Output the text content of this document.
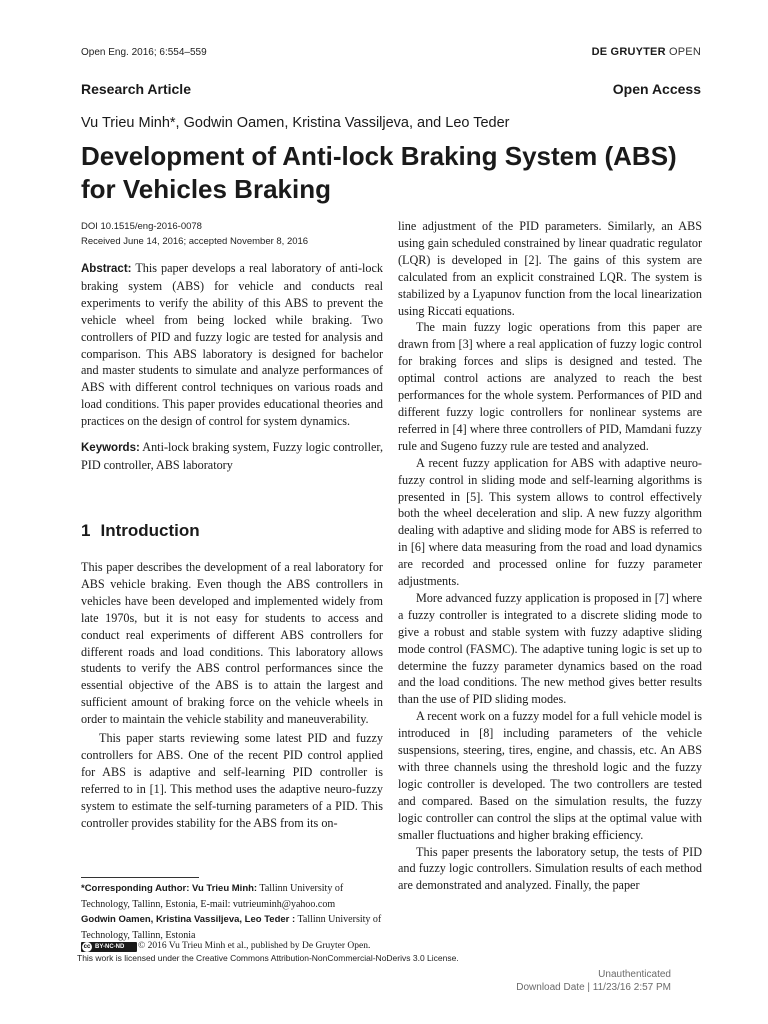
Open Eng. 2016; 6:554–559	DE GRUYTER OPEN
Research Article	Open Access
Vu Trieu Minh*, Godwin Oamen, Kristina Vassiljeva, and Leo Teder
Development of Anti-lock Braking System (ABS) for Vehicles Braking
DOI 10.1515/eng-2016-0078
Received June 14, 2016; accepted November 8, 2016

Abstract: This paper develops a real laboratory of anti-lock braking system (ABS) for vehicle and conducts real experiments to verify the ability of this ABS to prevent the vehicle wheel from being locked while braking. Two controllers of PID and fuzzy logic are tested for analysis and comparison. This ABS laboratory is designed for bachelor and master students to simulate and analyze performances of ABS with different control techniques on various roads and load conditions. This paper provides educational theories and practices on the design of control for system dynamics.

Keywords: Anti-lock braking system, Fuzzy logic controller, PID controller, ABS laboratory

1 Introduction

This paper describes the development of a real laboratory for ABS vehicle braking. Even though the ABS controllers in vehicles have been developed and implemented widely from late 1970s, but it is not easy for students to access and conduct real experiments of different ABS controllers for different roads and load conditions. This laboratory allows students to verify the ABS control performances since the essential objective of the ABS is to attain the largest and sufficient amount of braking force on the vehicle wheels in order to maintain the vehicle stability and maneuverability.

This paper starts reviewing some latest PID and fuzzy controllers for ABS. One of the recent PID control applied for ABS is adaptive and self-learning PID controller is referred to in [1]. This method uses the adaptive neuro-fuzzy system to estimate the self-turning parameters of a PID. This controller provides stability for the ABS from its on-

line adjustment of the PID parameters. Similarly, an ABS using gain scheduled constrained by linear quadratic regulator (LQR) is developed in [2]. The gains of this system are calculated from an explicit constrained LQR. The system is stabilized by a Lyapunov function from the local linearization using Riccati equations.

The main fuzzy logic operations from this paper are drawn from [3] where a real application of fuzzy logic control for braking forces and slips is designed and tested. The optimal control actions are analyzed to reach the best performances for the whole system. Performances of PID and different fuzzy logic controllers for nonlinear systems are referred in [4] where three controllers of PID, Mamdani fuzzy rule and Sugeno fuzzy rule are tested and analyzed.

A recent fuzzy application for ABS with adaptive neuro-fuzzy control in sliding mode and self-learning algorithms is presented in [5]. This system allows to control effectively both the wheel deceleration and slip. A new fuzzy algorithm dealing with adaptive and sliding mode for ABS is referred to in [6] where data measuring from the road and load dynamics are recorded and processed online for fuzzy parameter adjustments.

More advanced fuzzy application is proposed in [7] where a fuzzy controller is integrated to a discrete sliding mode to give a robust and stable system with fuzzy adaptive sliding mode control (FASMC). The adaptive tuning logic is set up to determine the fuzzy parameter dynamics based on the road and the load conditions. The new method gives better results than the use of PID sliding modes.

A recent work on a fuzzy model for a full vehicle model is introduced in [8] including parameters of the vehicle suspensions, steering, tires, engine, and chassis, etc. An ABS with three channels using the threshold logic and the fuzzy logic controller is developed. The two controllers are tested and compared. Based on the simulation results, the fuzzy logic controller can control the slips at the optimal value with smaller fluctuations and higher braking efficiency.

This paper presents the laboratory setup, the tests of PID and fuzzy logic controllers. Simulation results of each method are demonstrated and analyzed. Finally, the paper

*Corresponding Author: Vu Trieu Minh: Tallinn University of Technology, Tallinn, Estonia, E-mail: vutrieuminh@yahoo.com
Godwin Oamen, Kristina Vassiljeva, Leo Teder : Tallinn University of Technology, Tallinn, Estonia
cc BY-NC-ND © 2016 Vu Trieu Minh et al., published by De Gruyter Open.
This work is licensed under the Creative Commons Attribution-NonCommercial-NoDerivs 3.0 License.
Unauthenticated
Download Date | 11/23/16 2:57 PM
